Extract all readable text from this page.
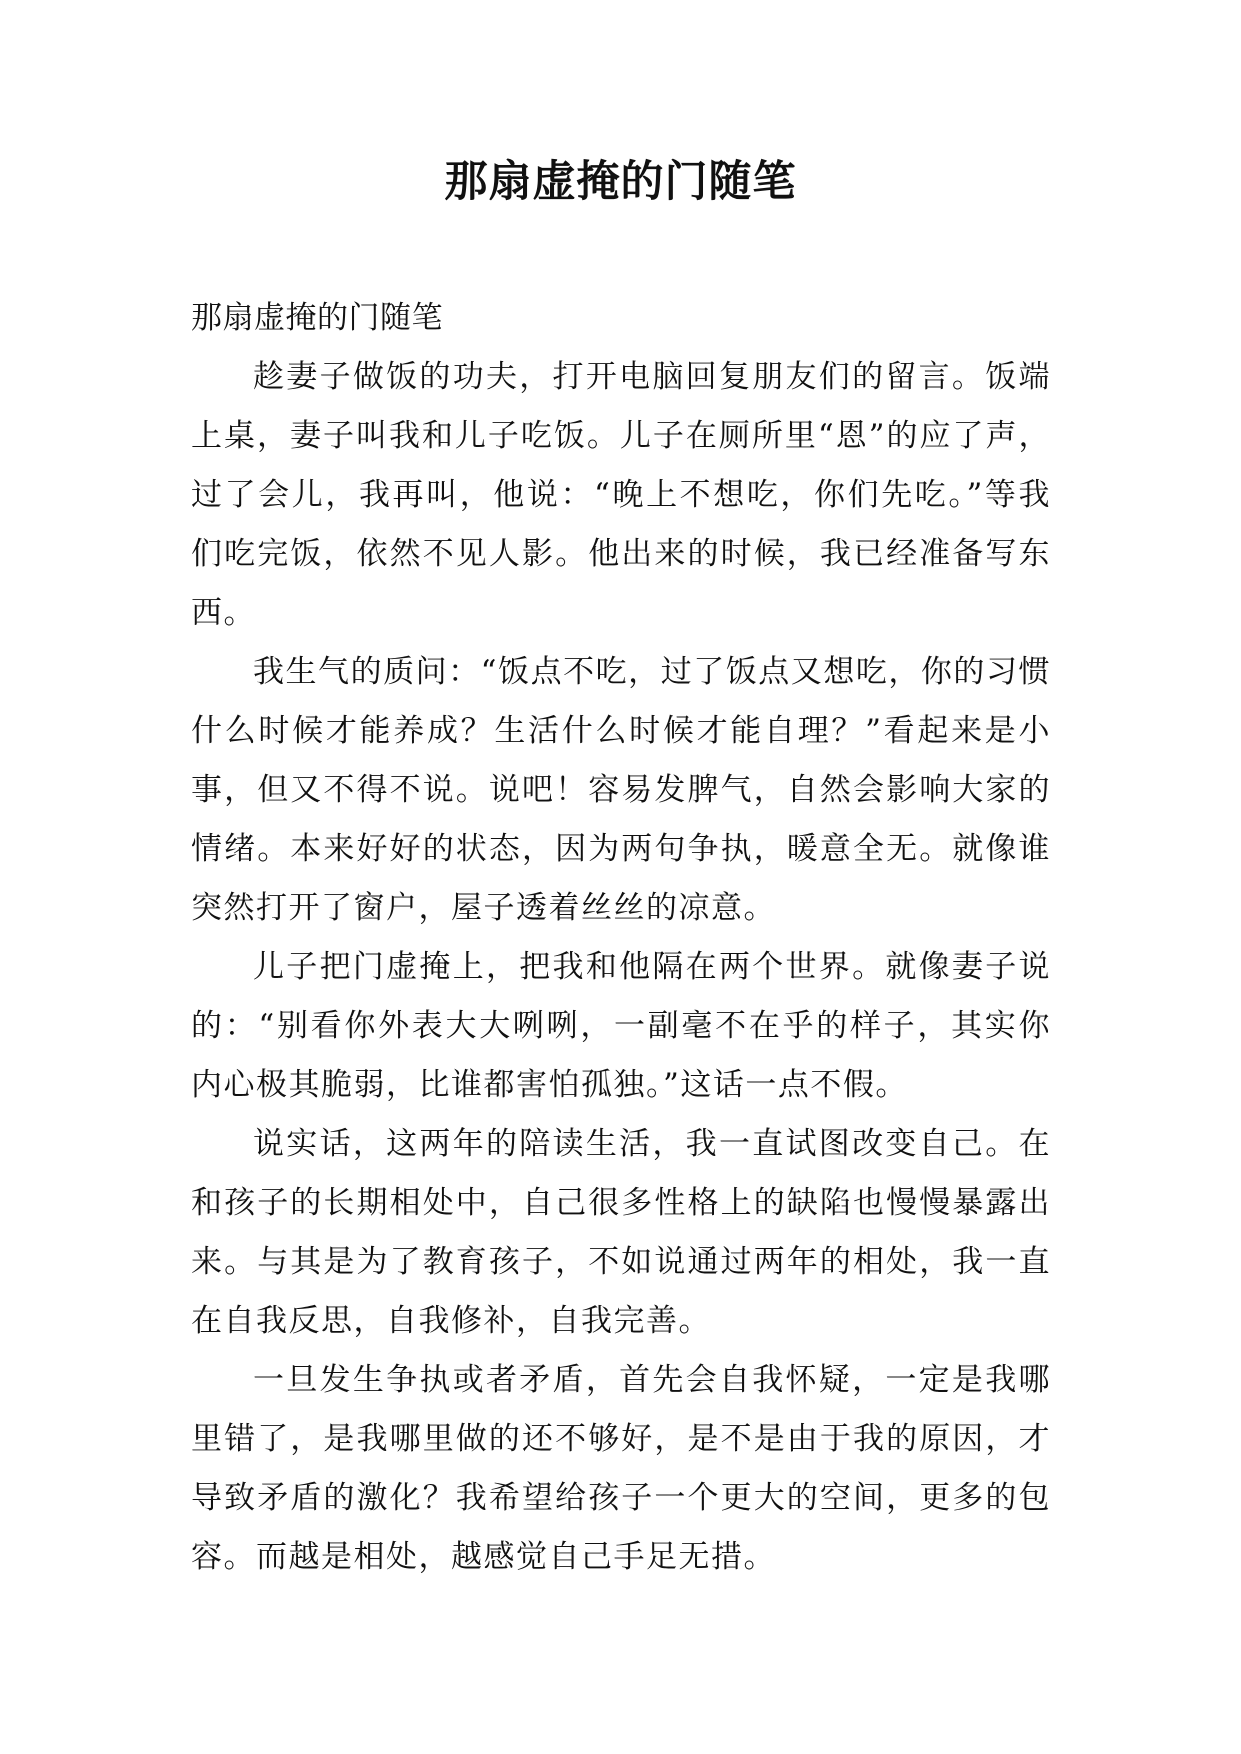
那扇虚掩的门随笔

那扇虚掩的门随笔

趁妻子做饭的功夫，打开电脑回复朋友们的留言。饭端上桌，妻子叫我和儿子吃饭。儿子在厕所里“恩”的应了声，过了会儿，我再叫，他说：“晚上不想吃，你们先吃。”等我们吃完饭，依然不见人影。他出来的时候，我已经准备写东西。

我生气的质问：“饭点不吃，过了饭点又想吃，你的习惯什么时候才能养成？生活什么时候才能自理？”看起来是小事，但又不得不说。说吧！容易发脾气，自然会影响大家的情绪。本来好好的状态，因为两句争执，暖意全无。就像谁突然打开了窗户，屋子透着丝丝的凉意。

儿子把门虚掩上，把我和他隔在两个世界。就像妻子说的：“别看你外表大大咧咧，一副毫不在乎的样子，其实你内心极其脆弱，比谁都害怕孤独。”这话一点不假。

说实话，这两年的陪读生活，我一直试图改变自己。在和孩子的长期相处中，自己很多性格上的缺陷也慢慢暴露出来。与其是为了教育孩子，不如说通过两年的相处，我一直在自我反思，自我修补，自我完善。

一旦发生争执或者矛盾，首先会自我怀疑，一定是我哪里错了，是我哪里做的还不够好，是不是由于我的原因，才导致矛盾的激化？我希望给孩子一个更大的空间，更多的包容。而越是相处，越感觉自己手足无措。
